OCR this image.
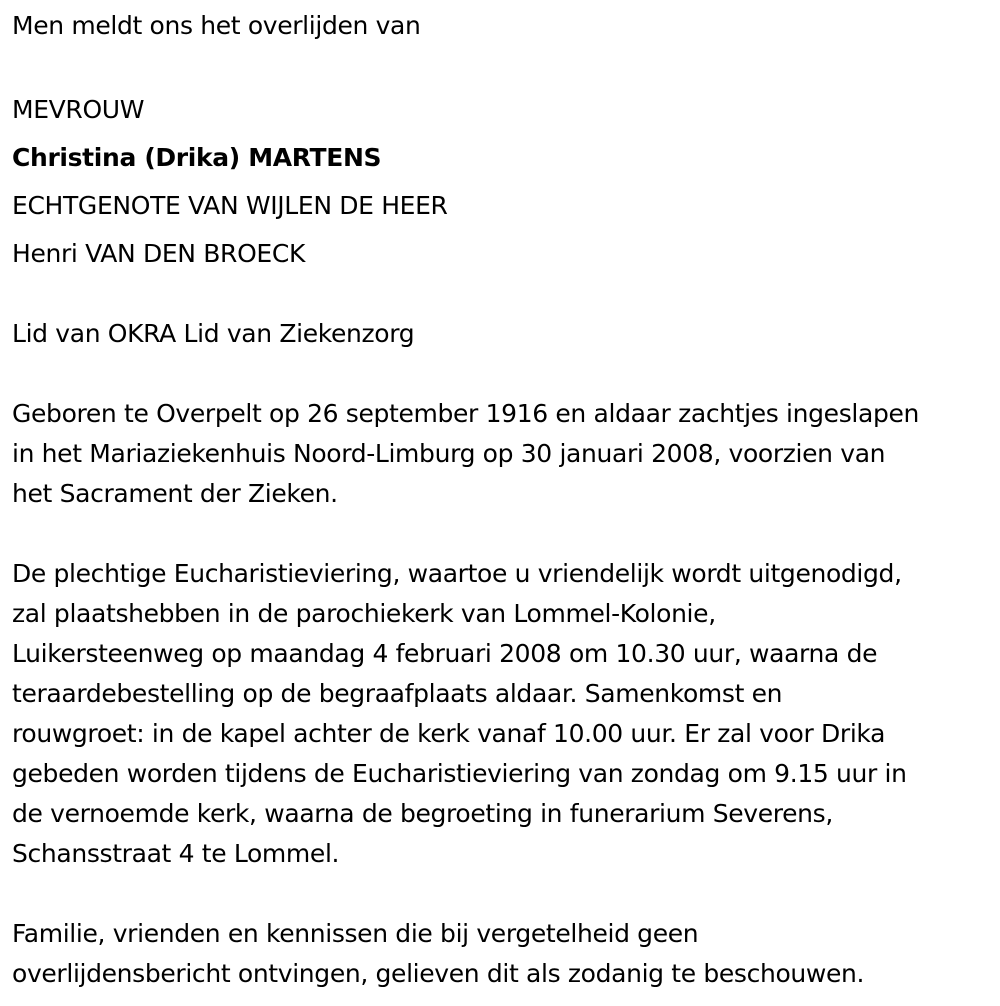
Men meldt ons het overlijden van
MEVROUW
Christina (Drika) MARTENS
ECHTGENOTE VAN WIJLEN DE HEER
Henri VAN DEN BROECK
Lid van OKRA Lid van Ziekenzorg
Geboren te Overpelt op 26 september 1916 en aldaar zachtjes ingeslapen
in het Mariaziekenhuis Noord-Limburg op 30 januari 2008, voorzien van
het Sacrament der Zieken.
De plechtige Eucharistieviering, waartoe u vriendelijk wordt uitgenodigd,
zal plaatshebben in de parochiekerk van Lommel-Kolonie,
Luikersteenweg op maandag 4 februari 2008 om 10.30 uur, waarna de
teraardebestelling op de begraafplaats aldaar. Samenkomst en
rouwgroet: in de kapel achter de kerk vanaf 10.00 uur. Er zal voor Drika
gebeden worden tijdens de Eucharistieviering van zondag om 9.15 uur in
de vernoemde kerk, waarna de begroeting in funerarium Severens,
Schansstraat 4 te Lommel.
Familie, vrienden en kennissen die bij vergetelheid geen
overlijdensbericht ontvingen, gelieven dit als zodanig te beschouwen.
